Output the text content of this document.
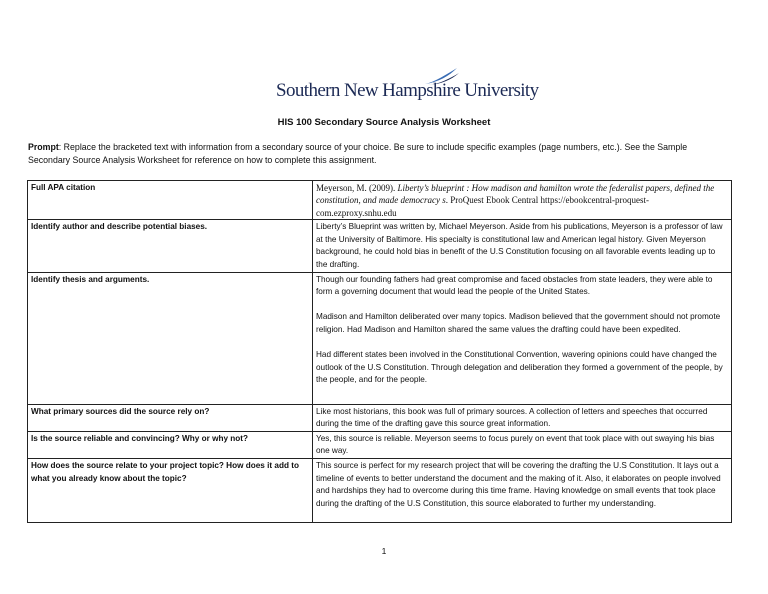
Southern New Hampshire University
HIS 100 Secondary Source Analysis Worksheet
Prompt: Replace the bracketed text with information from a secondary source of your choice. Be sure to include specific examples (page numbers, etc.). See the Sample Secondary Source Analysis Worksheet for reference on how to complete this assignment.
Full APA citation	Meyerson, M. (2009). Liberty’s blueprint : How madison and hamilton wrote the federalist papers, defined the constitution, and made democracy s. ProQuest Ebook Central https://ebookcentral-proquest-com.ezproxy.snhu.edu
Identify author and describe potential biases.	Liberty’s Blueprint was written by, Michael Meyerson. Aside from his publications, Meyerson is a professor of law at the University of Baltimore. His specialty is constitutional law and American legal history. Given Meyerson background, he could hold bias in benefit of the U.S Constitution focusing on all favorable events leading up to the drafting.

Identify thesis and arguments.	Though our founding fathers had great compromise and faced obstacles from state leaders, they were able to form a governing document that would lead the people of the United States.

Madison and Hamilton deliberated over many topics. Madison believed that the government should not promote religion. Had Madison and Hamilton shared the same values the drafting could have been expedited.

Had different states been involved in the Constitutional Convention, wavering opinions could have changed the outlook of the U.S Constitution. Through delegation and deliberation they formed a government of the people, by the people, and for the people.

What primary sources did the source rely on?	Like most historians, this book was full of primary sources. A collection of letters and speeches that occurred during the time of the drafting gave this source great information.

Is the source reliable and convincing? Why or why not?	Yes, this source is reliable. Meyerson seems to focus purely on event that took place with out swaying his bias one way.

How does the source relate to your project topic? How does it add to what you already know about the topic?	This source is perfect for my research project that will be covering the drafting the U.S Constitution. It lays out a timeline of events to better understand the document and the making of it. Also, it elaborates on people involved and hardships they had to overcome during this time frame. Having knowledge on small events that took place during the drafting of the U.S Constitution, this source elaborated to further my understanding.

1
